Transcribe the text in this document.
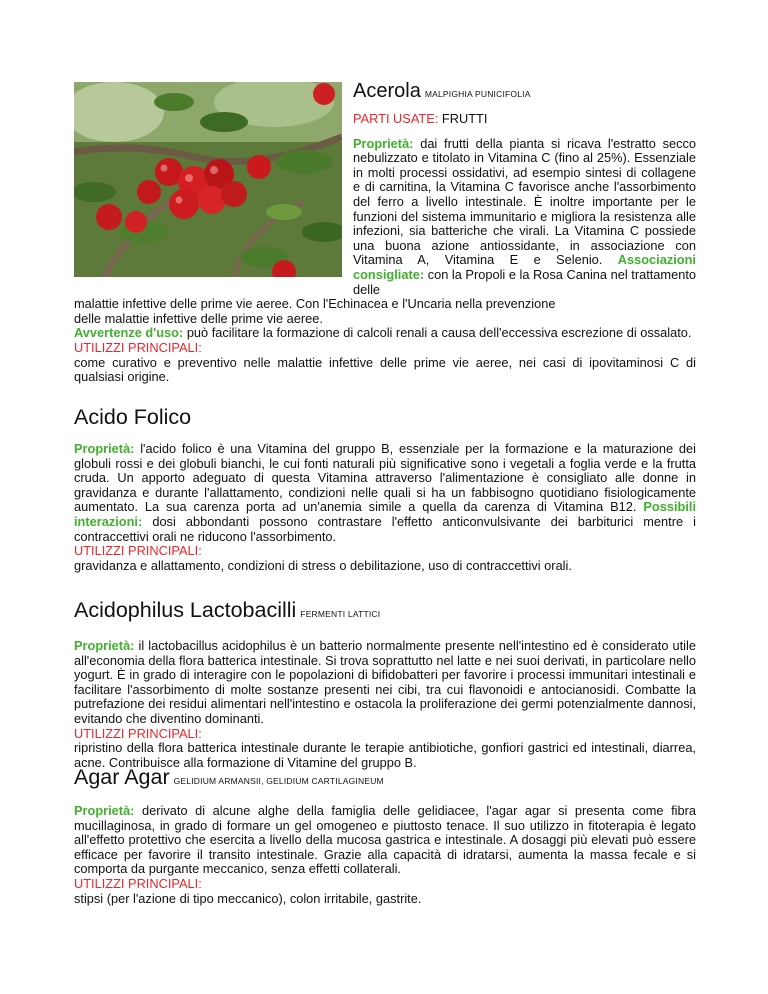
Acerola MALPIGHIA PUNICIFOLIA

PARTI USATE: FRUTTI

Proprietà: dai frutti della pianta si ricava l'estratto secco nebulizzato e titolato in Vitamina C (fino al 25%). Essenziale in molti processi ossidativi, ad esempio sintesi di collagene e di carnitina, la Vitamina C favorisce anche l'assorbimento del ferro a livello intestinale. È inoltre importante per le funzioni del sistema immunitario e migliora la resistenza alle infezioni, sia batteriche che virali. La Vitamina C possiede una buona azione antiossidante, in associazione con Vitamina A, Vitamina E e Selenio. Associazioni consigliate: con la Propoli e la Rosa Canina nel trattamento delle

malattie infettive delle prime vie aeree. Con l'Echinacea e l'Uncaria nella prevenzione

delle malattie infettive delle prime vie aeree.

Avvertenze d'uso: può facilitare la formazione di calcoli renali a causa dell'eccessiva escrezione di ossalato.

UTILIZZI PRINCIPALI:

come curativo e preventivo nelle malattie infettive delle prime vie aeree, nei casi di ipovitaminosi C di qualsiasi origine.

Acido Folico

Proprietà: l'acido folico è una Vitamina del gruppo B, essenziale per la formazione e la maturazione dei globuli rossi e dei globuli bianchi, le cui fonti naturali più significative sono i vegetali a foglia verde e la frutta cruda. Un apporto adeguato di questa Vitamina attraverso l'alimentazione è consigliato alle donne in gravidanza e durante l'allattamento, condizioni nelle quali si ha un fabbisogno quotidiano fisiologicamente aumentato. La sua carenza porta ad un'anemia simile a quella da carenza di Vitamina B12. Possibili interazioni: dosi abbondanti possono contrastare l'effetto anticonvulsivante dei barbiturici mentre i contraccettivi orali ne riducono l'assorbimento.

UTILIZZI PRINCIPALI:

gravidanza e allattamento, condizioni di stress o debilitazione, uso di contraccettivi orali.

Acidophilus Lactobacilli FERMENTI LATTICI

Proprietà: il lactobacillus acidophilus è un batterio normalmente presente nell'intestino ed è considerato utile all'economia della flora batterica intestinale. Si trova soprattutto nel latte e nei suoi derivati, in particolare nello yogurt. È in grado di interagire con le popolazioni di bifidobatteri per favorire i processi immunitari intestinali e facilitare l'assorbimento di molte sostanze presenti nei cibi, tra cui flavonoidi e antocianosidi. Combatte la putrefazione dei residui alimentari nell'intestino e ostacola la proliferazione dei germi potenzialmente dannosi, evitando che diventino dominanti.

UTILIZZI PRINCIPALI:

ripristino della flora batterica intestinale durante le terapie antibiotiche, gonfiori gastrici ed intestinali, diarrea, acne. Contribuisce alla formazione di Vitamine del gruppo B.

Agar Agar GELIDIUM ARMANSII, GELIDIUM CARTILAGINEUM

Proprietà: derivato di alcune alghe della famiglia delle gelidiacee, l'agar agar si presenta come fibra mucillaginosa, in grado di formare un gel omogeneo e piuttosto tenace. Il suo utilizzo in fitoterapia è legato all'effetto protettivo che esercita a livello della mucosa gastrica e intestinale. A dosaggi più elevati può essere efficace per favorire il transito intestinale. Grazie alla capacità di idratarsi, aumenta la massa fecale e si comporta da purgante meccanico, senza effetti collaterali.

UTILIZZI PRINCIPALI:

stipsi (per l'azione di tipo meccanico), colon irritabile, gastrite.
